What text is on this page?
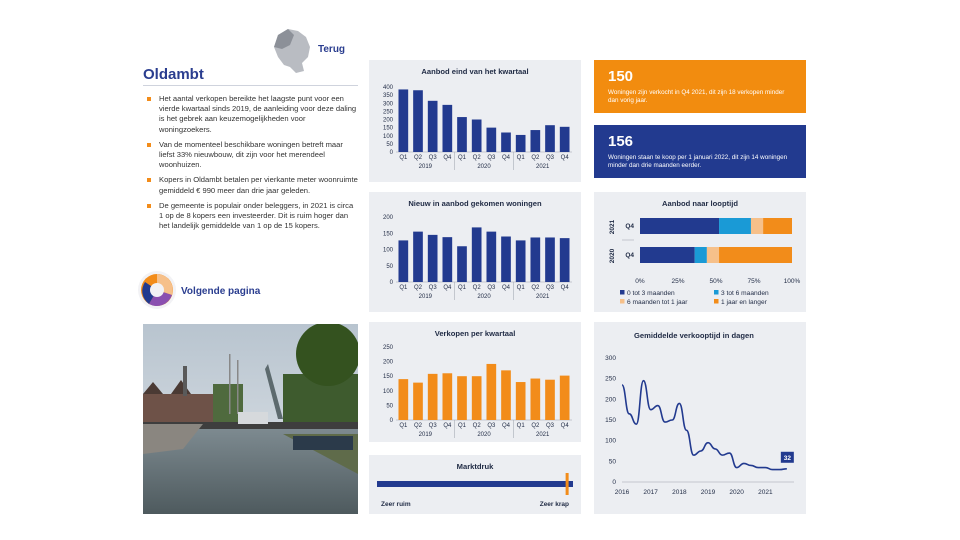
Oldambt
Het aantal verkopen bereikte het laagste punt voor een vierde kwartaal sinds 2019, de aanleiding voor deze daling is het gebrek aan keuzemogelijkheden voor woningzoekers.
Van de momenteel beschikbare woningen betreft maar liefst 33% nieuwbouw, dit zijn voor het merendeel woonhuizen.
Kopers in Oldambt betalen per vierkante meter woonruimte gemiddeld € 990 meer dan drie jaar geleden.
De gemeente is populair onder beleggers, in 2021 is circa 1 op de 8 kopers een investeerder. Dit is ruim hoger dan het landelijk gemiddelde van 1 op de 15 kopers.
Terug
Volgende pagina
Aanbod eind van het kwartaal
0
50
100
150
200
250
300
350
400
Q1 Q2 Q3 Q4 Q1 Q2 Q3 Q4 Q1 Q2 Q3 Q4
2019	2020	2021
Nieuw in aanbod gekomen woningen
0
50
100
150
200
Q1 Q2 Q3 Q4 Q1 Q2 Q3 Q4 Q1 Q2 Q3 Q4
2019	2020	2021
Verkopen per kwartaal
0
50
100
150
200
250
Q1 Q2 Q3 Q4 Q1 Q2 Q3 Q4 Q1 Q2 Q3 Q4
2019	2020	2021
Marktdruk
Zeer ruim	Zeer krap
150
Woningen zijn verkocht in Q4 2021, dit zijn 18 verkopen minder dan vorig jaar.
156
Woningen staan te koop per 1 januari 2022, dit zijn 14 woningen minder dan drie maanden eerder.
Aanbod naar looptijd
Q4
2021
Q4
2020
0%	25%	50%	75%	100%
0 tot 3 maanden	3 tot 6 maanden
6 maanden tot 1 jaar	1 jaar en langer
Gemiddelde verkooptijd in dagen
0
50
100
150
200
250
300
2016 2017 2018 2019 2020 2021
32
